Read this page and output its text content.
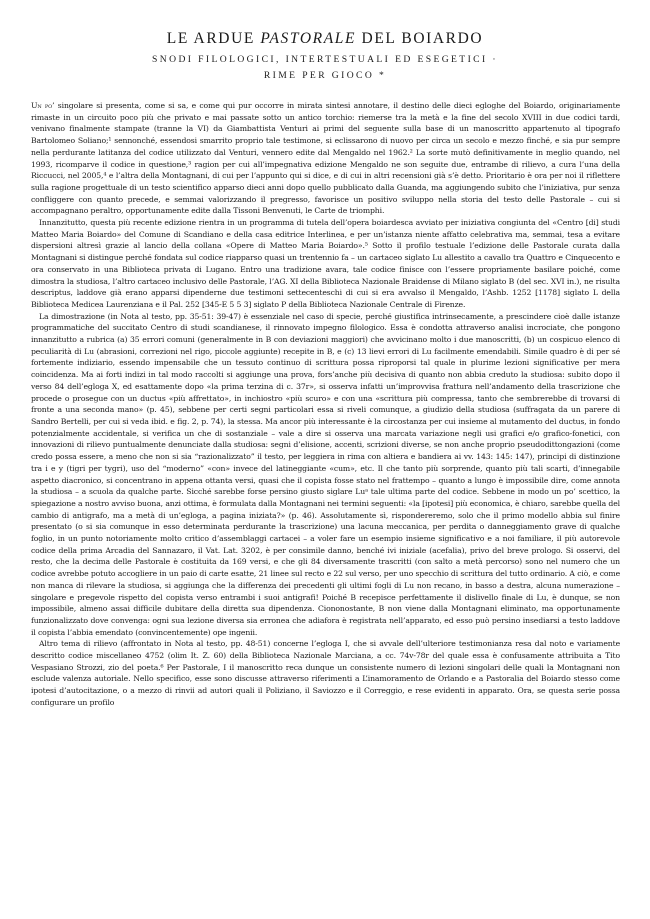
LE ARDUE PASTORALE DEL BOIARDO
SNODI FILOLOGICI, INTERTESTUALI ED ESEGETICI ·
RIME PER GIOCO *

Un po’ singolare si presenta, come si sa, e come qui pur occorre in mirata sintesi annotare, il destino delle dieci egloghe del Boiardo, originariamente rimaste in un circuito poco più che privato e mai passate sotto un antico torchio: riemerse tra la metà e la fine del secolo XVIII in due codici tardi, venivano finalmente stampate (tranne la VI) da Giambattista Venturi ai primi del seguente sulla base di un manoscritto appartenuto al tipografo Bartolomeo Soliano;¹ sennonché, essendosi smarrito proprio tale testimone, si eclissarono di nuovo per circa un secolo e mezzo finché, e sia pur sempre nella perdurante latitanza del codice utilizzato dal Venturi, vennero edite dal Mengaldo nel 1962.² La sorte mutò definitivamente in meglio quando, nel 1993, ricomparve il codice in questione,³ ragion per cui all’impegnativa edizione Mengaldo ne son seguite due, entrambe di rilievo, a cura l’una della Riccucci, nel 2005,⁴ e l’altra della Montagnani, di cui per l’appunto qui si dice, e di cui in altri recensioni già s’è detto. Prioritario è ora per noi il riflettere sulla ragione progettuale di un testo scientifico apparso dieci anni dopo quello pubblicato dalla Guanda, ma aggiungendo subito che l’iniziativa, pur senza confliggere con quanto precede, e semmai valorizzando il pregresso, favorisce un positivo sviluppo nella storia del testo delle Pastorale – cui si accompagnano peraltro, opportunamente edite dalla Tissoni Benvenuti, le Carte de triomphi.

Innanzitutto, questa più recente edizione rientra in un programma di tutela dell’opera boiardesca avviato per iniziativa congiunta del «Centro [di] studi Matteo Maria Boiardo» del Comune di Scandiano e della casa editrice Interlinea, e per un’istanza niente affatto celebrativa ma, semmai, tesa a evitare dispersioni altresì grazie al lancio della collana «Opere di Matteo Maria Boiardo».⁵ Sotto il profilo testuale l’edizione delle Pastorale curata dalla Montagnani si distingue perché fondata sul codice riapparso quasi un trentennio fa – un cartaceo siglato Lu allestito a cavallo tra Quattro e Cinquecento e ora conservato in una Biblioteca privata di Lugano. Entro una tradizione avara, tale codice finisce con l’essere propriamente basilare poiché, come dimostra la studiosa, l’altro cartaceo inclusivo delle Pastorale, l’AG. XI della Biblioteca Nazionale Braidense di Milano siglato B (del sec. XVI in.), ne risulta descriptus, laddove già erano apparsi dipenderne due testimoni settecenteschi di cui si era avvalso il Mengaldo, l’Ashb. 1252 [1178] siglato L della Biblioteca Medicea Laurenziana e il Pal. 252 [345-E 5 5 3] siglato P della Biblioteca Nazionale Centrale di Firenze.

La dimostrazione (in Nota al testo, pp. 35-51: 39-47) è essenziale nel caso di specie, perché giustifica intrinsecamente, a prescindere cioè dalle istanze programmatiche del succitato Centro di studi scandianese, il rinnovato impegno filologico. Essa è condotta attraverso analisi incrociate, che pongono innanzitutto a rubrica (a) 35 errori comuni (generalmente in B con deviazioni maggiori) che avvicinano molto i due manoscritti, (b) un cospicuo elenco di peculiarità di Lu (abrasioni, correzioni nel rigo, piccole aggiunte) recepite in B, e (c) 13 lievi errori di Lu facilmente emendabili. Simile quadro è di per sé fortemente indiziario, essendo impensabile che un tessuto continuo di scrittura possa riproporsi tal quale in plurime lezioni significative per mera coincidenza. Ma ai forti indizi in tal modo raccolti si aggiunge una prova, fors’anche più decisiva di quanto non abbia creduto la studiosa: subito dopo il verso 84 dell’egloga X, ed esattamente dopo «la prima terzina di c. 37r», si osserva infatti un’improvvisa frattura nell’andamento della trascrizione che procede o prosegue con un ductus «più affrettato», in inchiostro «più scuro» e con una «scrittura più compressa, tanto che sembrerebbe di trovarsi di fronte a una seconda mano» (p. 45), sebbene per certi segni particolari essa si riveli comunque, a giudizio della studiosa (suffragata da un parere di Sandro Bertelli, per cui si veda ibid. e fig. 2, p. 74), la stessa. Ma ancor più interessante è la circostanza per cui insieme al mutamento del ductus, in fondo potenzialmente accidentale, si verifica un che di sostanziale – vale a dire si osserva una marcata variazione negli usi grafici e/o grafico-fonetici, con innovazioni di rilievo puntualmente denunciate dalla studiosa: segni d’elisione, accenti, scrizioni diverse, se non anche proprio pseudodittongazioni (come credo possa essere, a meno che non si sia “razionalizzato” il testo, per leggiera in rima con altiera e bandiera ai vv. 143: 145: 147), principi di distinzione tra i e y (tigri per tygri), uso del “moderno” «con» invece del latineggiante «cum», etc. Il che tanto più sorprende, quanto più tali scarti, d’innegabile aspetto diacronico, si concentrano in appena ottanta versi, quasi che il copista fosse stato nel frattempo – quanto a lungo è impossibile dire, come annota la studiosa – a scuola da qualche parte. Sicché sarebbe forse persino giusto siglare Luᵃ tale ultima parte del codice. Sebbene in modo un po’ scettico, la spiegazione a nostro avviso buona, anzi ottima, è formulata dalla Montagnani nei termini seguenti: «la [ipotesi] più economica, è chiaro, sarebbe quella del cambio di antigrafo, ma a metà di un’egloga, a pagina iniziata?» (p. 46). Assolutamente sì, rispondereremo, solo che il primo modello abbia sul finire presentato (o si sia comunque in esso determinata perdurante la trascrizione) una lacuna meccanica, per perdita o danneggiamento grave di qualche foglio, in un punto notoriamente molto critico d’assemblaggi cartacei – a voler fare un esempio insieme significativo e a noi familiare, il più autorevole codice della prima Arcadia del Sannazaro, il Vat. Lat. 3202, è per consimile danno, benché ivi iniziale (acefalia), privo del breve prologo. Si osservi, del resto, che la decima delle Pastorale è costituita da 169 versi, e che gli 84 diversamente trascritti (con salto a metà percorso) sono nel numero che un codice avrebbe potuto accogliere in un paio di carte esatte, 21 linee sul recto e 22 sul verso, per uno specchio di scrittura del tutto ordinario. A ciò, e come non manca di rilevare la studiosa, si aggiunga che la differenza dei precedenti gli ultimi fogli di Lu non recano, in basso a destra, alcuna numerazione – singolare e pregevole rispetto del copista verso entrambi i suoi antigrafi! Poiché B recepisce perfettamente il dislivello finale di Lu, è dunque, se non impossibile, almeno assai difficile dubitare della diretta sua dipendenza. Ciononostante, B non viene dalla Montagnani eliminato, ma opportunamente funzionalizzato dove convenga: ogni sua lezione diversa sia erronea che adiafora è registrata nell’apparato, ed esso può persino insediarsi a testo laddove il copista l’abbia emendato (convincentemente) ope ingenii.

Altro tema di rilievo (affrontato in Nota al testo, pp. 48-51) concerne l’egloga I, che si avvale dell’ulteriore testimonianza resa dal noto e variamente descritto codice miscellaneo 4752 (olim It. Z. 60) della Biblioteca Nazionale Marciana, a cc. 74v-78r del quale essa è confusamente attribuita a Tito Vespasiano Strozzi, zio del poeta.⁶ Per Pastorale, I il manoscritto reca dunque un consistente numero di lezioni singolari delle quali la Montagnani non esclude valenza autoriale. Nello specifico, esse sono discusse attraverso riferimenti a L’inamoramento de Orlando e a Pastoralia del Boiardo stesso come ipotesi d’autocitazione, o a mezzo di rinvii ad autori quali il Poliziano, il Saviozzo e il Correggio, e rese evidenti in apparato. Ora, se questa serie possa configurare un profilo
